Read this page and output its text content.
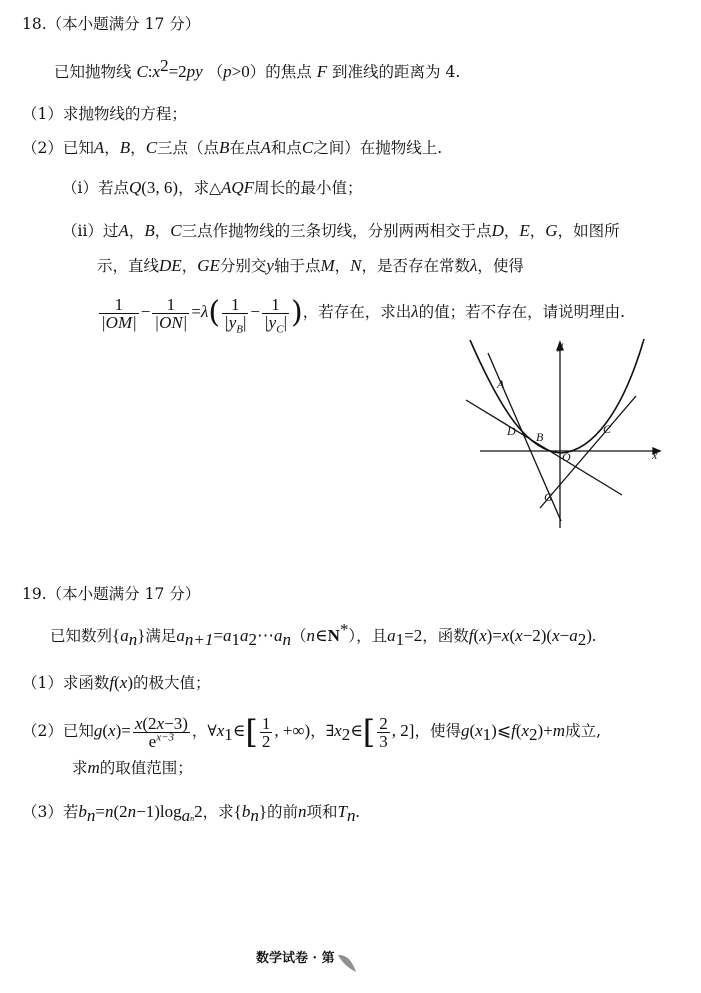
18.（本小题满分 17 分）
已知抛物线 $C:x^2=2py$ （p>0）的焦点 F 到准线的距离为 4.
（1）求抛物线的方程；
（2）已知A，B，C三点（点B在点A和点C之间）在抛物线上.
（i）若点Q(3, 6)，求△AQF周长的最小值；
（ii）过A，B，C三点作抛物线的三条切线，分别两两相交于点D，E，G，如图所
示，直线DE，GE分别交y轴于点M，N，是否存在常数λ，使得
$\frac{1}{|OM|} - \frac{1}{|ON|} =\lambda( \frac{1}{|y_B|} - \frac{1}{|y_C|}$ )，若存在，求出λ的值；若不存在，请说明理由.
y
A
D B
C
O	x
G
19.（本小题满分 17 分）
已知数列$\{a_n\}$满足$a_{n+1}=a_1a_2\cdots a_n(n\in N^*)$，且$a_1=2$，函数$f(x)=x(x-2)(x-a_2)$.
（1）求函数f(x)的极大值；
（2）已知$g(x)= \frac{x(2x-3)}{e^{x-3}}$ ，$\forall x_1\in[ \frac{1}{2}$ , +∞)，$\exists x_2\in[ \frac{2}{3}$ , 2]，使得$g(x_1)⩽f(x_2)+m$成立,
求m的取值范围；
（3）若$b_n=n(2n-1)\log_{an}2$，求$\{b_n\}$的前n项和$T_n$.
数学试卷 · 第
